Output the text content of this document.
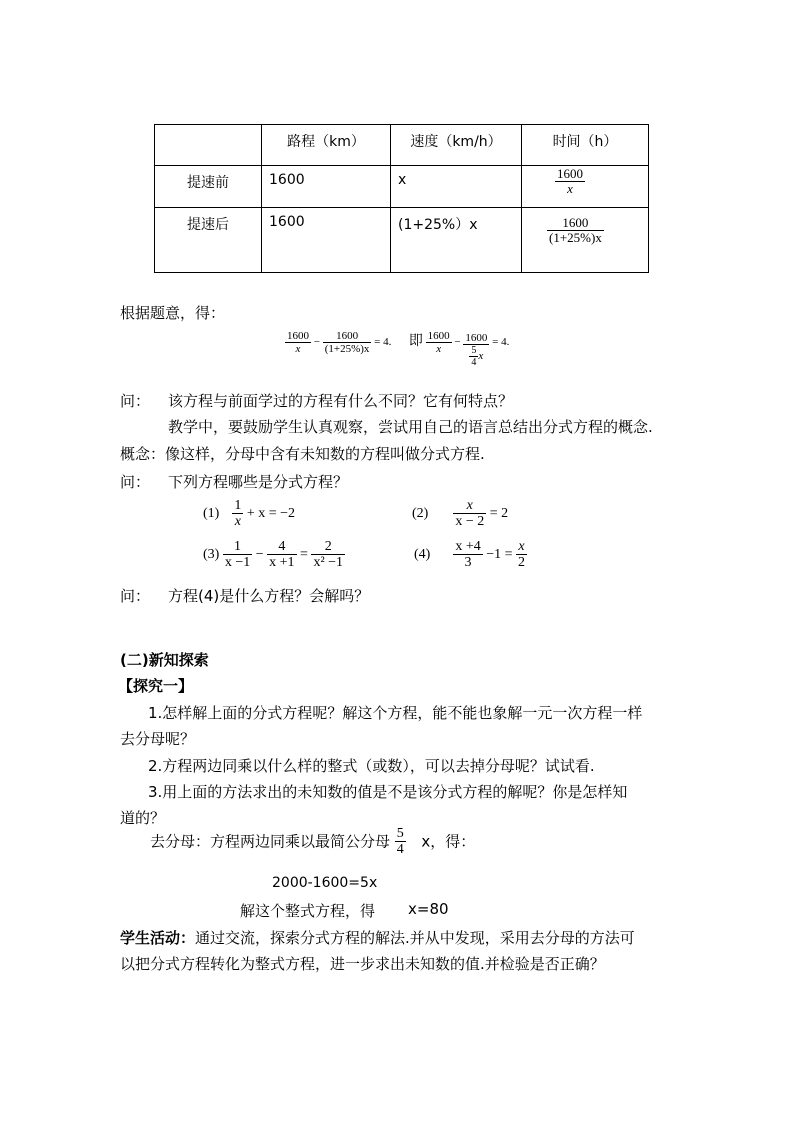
	路程（km）	速度（km/h）	时间（h）
提速前	1600	x	$\frac{1600}{x}$

提速后	1600	(1+25%）x	$\frac{1600}{(1+25\%)x}$
根据题意，得：
$\frac{1600}{x} - \frac{1600}{(1+25\%)x} = 4$. 即 $\frac{1600}{x} - \frac{1600}{\frac{5}{4} x} = 4$.
问： 该方程与前面学过的方程有什么不同？它有何特点？
教学中，要鼓励学生认真观察，尝试用自己的语言总结出分式方程的概念.
概念：像这样，分母中含有未知数的方程叫做分式方程.
问： 下列方程哪些是分式方程？
$(1) \frac{1}{x} + x = -2$	$(2) \frac{x}{x - 2} = 2$
$(3) \frac{1}{x -1} - \frac{4}{x +1} = \frac{2}{\text{x² −1}}$	$(4) \frac{x +4}{3} -1 = \frac{x}{2}$
问： 方程(4)是什么方程？会解吗？
(二)新知探索
【探究一】
1.怎样解上面的分式方程呢？解这个方程，能不能也象解一元一次方程一样
去分母呢？
2.方程两边同乘以什么样的整式（或数），可以去掉分母呢？试试看.
3.用上面的方法求出的未知数的值是不是该分式方程的解呢？你是怎样知
道的？
去分母：方程两边同乘以最简公分母 $\frac{5}{4}$ x，得：
2000-1600=5x
解这个整式方程，得 x=80
学生活动：通过交流，探索分式方程的解法.并从中发现，采用去分母的方法可
以把分式方程转化为整式方程，进一步求出未知数的值.并检验是否正确？
